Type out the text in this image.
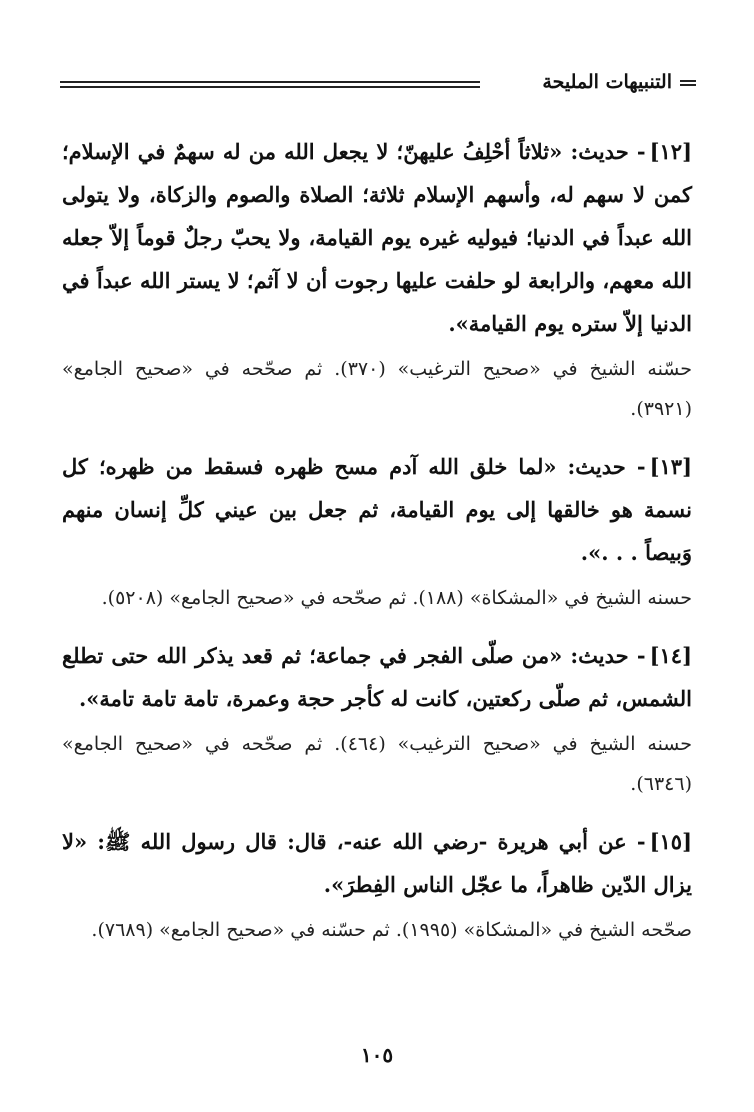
التنبيهات المليحة

[١٢]- حديث: «ثلاثاً أحْلِفُ عليهنّ؛ لا يجعل الله من له سهمٌ في الإسلام؛ كمن لا سهم له، وأسهم الإسلام ثلاثة؛ الصلاة والصوم والزكاة، ولا يتولى الله عبداً في الدنيا؛ فيوليه غيره يوم القيامة، ولا يحبّ رجلٌ قوماً إلاّ جعله الله معهم، والرابعة لو حلفت عليها رجوت أن لا آثم؛ لا يستر الله عبداً في الدنيا إلاّ ستره يوم القيامة».

حسّنه الشيخ في «صحيح الترغيب» (٣٧٠). ثم صحّحه في «صحيح الجامع» (٣٩٢١).

[١٣]- حديث: «لما خلق الله آدم مسح ظهره فسقط من ظهره؛ كل نسمة هو خالقها إلى يوم القيامة، ثم جعل بين عيني كلِّ إنسان منهم وَبيصاً . . .».

حسنه الشيخ في «المشكاة» (١٨٨). ثم صحّحه في «صحيح الجامع» (٥٢٠٨).

[١٤]- حديث: «من صلّى الفجر في جماعة؛ ثم قعد يذكر الله حتى تطلع الشمس، ثم صلّى ركعتين، كانت له كأجر حجة وعمرة، تامة تامة تامة».

حسنه الشيخ في «صحيح الترغيب» (٤٦٤). ثم صحّحه في «صحيح الجامع» (٦٣٤٦).

[١٥]- عن أبي هريرة -رضي الله عنه-، قال: قال رسول الله ﷺ: «لا يزال الدّين ظاهراً، ما عجّل الناس الفِطرَ».

صحّحه الشيخ في «المشكاة» (١٩٩٥). ثم حسّنه في «صحيح الجامع» (٧٦٨٩).

١٠٥
